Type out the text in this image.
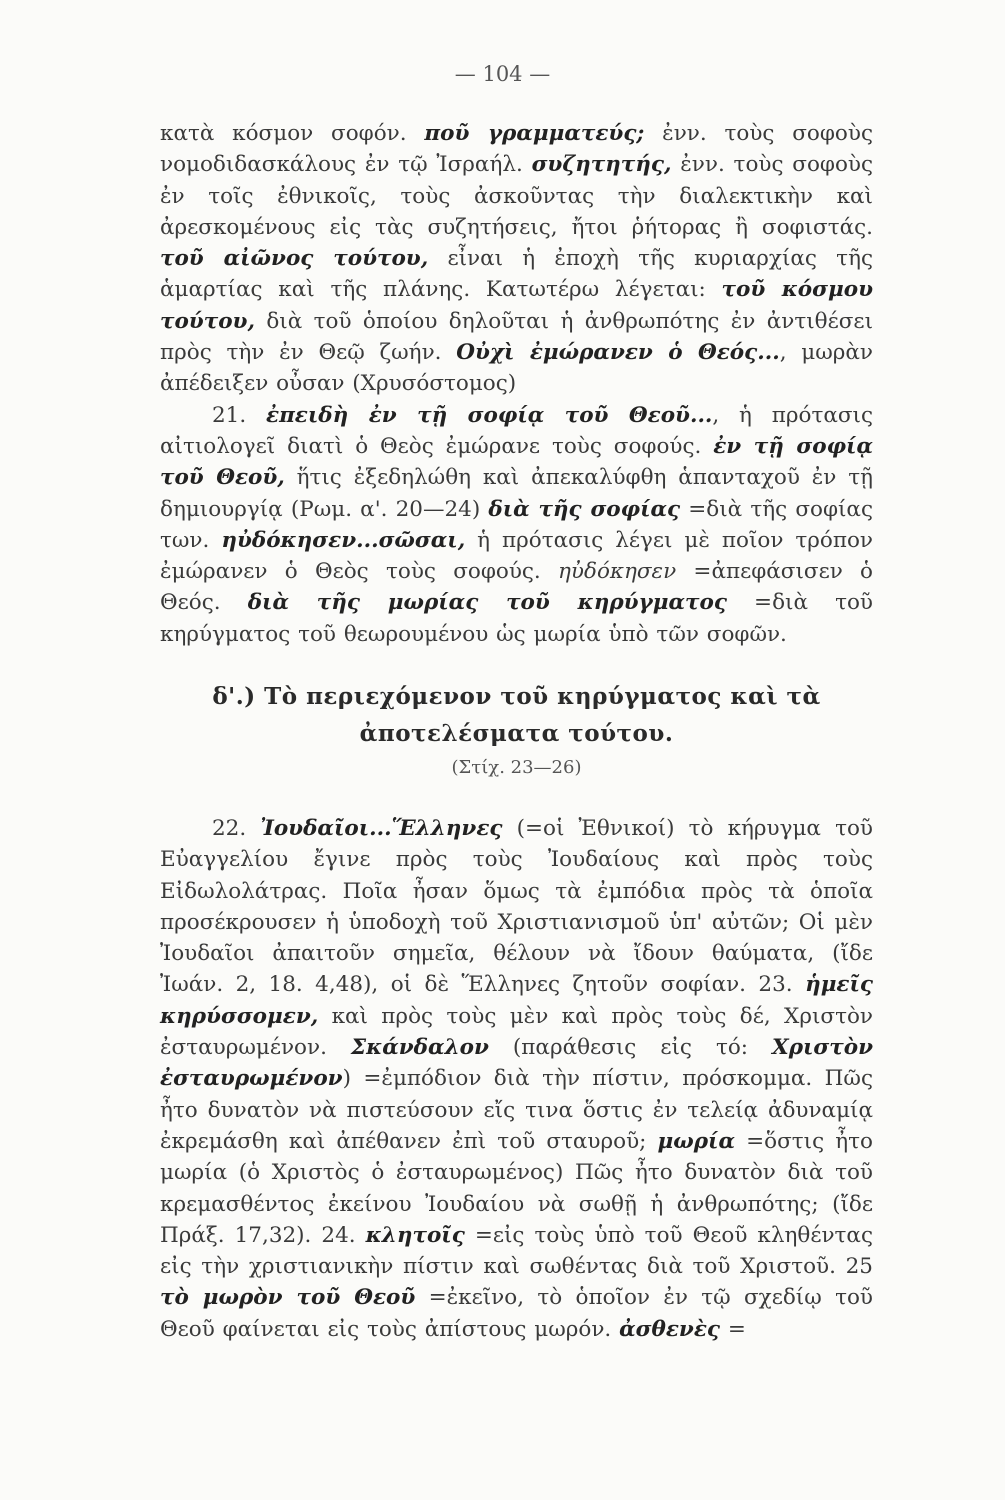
— 104 —

κατὰ κόσμον σοφόν. ποῦ γραμματεύς; ἐνν. τοὺς σοφοὺς νομοδιδασκάλους ἐν τῷ Ἰσραήλ. συζητητής, ἐνν. τοὺς σοφοὺς ἐν τοῖς ἐθνικοῖς, τοὺς ἀσκοῦντας τὴν διαλεκτικὴν καὶ ἀρεσκομένους εἰς τὰς συζητήσεις, ἤτοι ῥήτορας ἢ σοφιστάς. τοῦ αἰῶνος τούτου, εἶναι ἡ ἐποχὴ τῆς κυριαρχίας τῆς ἁμαρτίας καὶ τῆς πλάνης. Κατωτέρω λέγεται: τοῦ κόσμου τούτου, διὰ τοῦ ὁποίου δηλοῦται ἡ ἀνθρωπότης ἐν ἀντιθέσει πρὸς τὴν ἐν Θεῷ ζωήν. Οὐχὶ ἐμώρανεν ὁ Θεός..., μωρὰν ἀπέδειξεν οὖσαν (Χρυσόστομος)

21. ἐπειδὴ ἐν τῇ σοφίᾳ τοῦ Θεοῦ..., ἡ πρότασις αἰτιολογεῖ διατὶ ὁ Θεὸς ἐμώρανε τοὺς σοφούς. ἐν τῇ σοφίᾳ τοῦ Θεοῦ, ἥτις ἐξεδηλώθη καὶ ἀπεκαλύφθη ἁπανταχοῦ ἐν τῇ δημιουργίᾳ (Ρωμ. α'. 20—24) διὰ τῆς σοφίας =διὰ τῆς σοφίας των. ηὐδόκησεν...σῶσαι, ἡ πρότασις λέγει μὲ ποῖον τρόπον ἐμώρανεν ὁ Θεὸς τοὺς σοφούς. ηὐδόκησεν =ἀπεφάσισεν ὁ Θεός. διὰ τῆς μωρίας τοῦ κηρύγματος =διὰ τοῦ κηρύγματος τοῦ θεωρουμένου ὡς μωρία ὑπὸ τῶν σοφῶν.

δ'.) Τὸ περιεχόμενον τοῦ κηρύγματος καὶ τὰ
ἀποτελέσματα τούτου.
(Στίχ. 23—26)

22. Ἰουδαῖοι...Ἕλληνες (=οἱ Ἐθνικοί) τὸ κήρυγμα τοῦ Εὐαγγελίου ἔγινε πρὸς τοὺς Ἰουδαίους καὶ πρὸς τοὺς Εἰδωλολάτρας. Ποῖα ἦσαν ὅμως τὰ ἐμπόδια πρὸς τὰ ὁποῖα προσέκρουσεν ἡ ὑποδοχὴ τοῦ Χριστιανισμοῦ ὑπ' αὐτῶν; Οἱ μὲν Ἰουδαῖοι ἀπαιτοῦν σημεῖα, θέλουν νὰ ἴδουν θαύματα, (ἴδε Ἰωάν. 2, 18. 4,48), οἱ δὲ Ἕλληνες ζητοῦν σοφίαν. 23. ἡμεῖς κηρύσσομεν, καὶ πρὸς τοὺς μὲν καὶ πρὸς τοὺς δέ, Χριστὸν ἐσταυρωμένον. Σκάνδαλον (παράθεσις εἰς τό: Χριστὸν ἐσταυρωμένον) =ἐμπόδιον διὰ τὴν πίστιν, πρόσκομμα. Πῶς ἦτο δυνατὸν νὰ πιστεύσουν εἴς τινα ὅστις ἐν τελείᾳ ἀδυναμίᾳ ἐκρεμάσθη καὶ ἀπέθανεν ἐπὶ τοῦ σταυροῦ; μωρία =ὅστις ἦτο μωρία (ὁ Χριστὸς ὁ ἐσταυρωμένος) Πῶς ἦτο δυνατὸν διὰ τοῦ κρεμασθέντος ἐκείνου Ἰουδαίου νὰ σωθῇ ἡ ἀνθρωπότης; (ἴδε Πράξ. 17,32). 24. κλητοῖς =εἰς τοὺς ὑπὸ τοῦ Θεοῦ κληθέντας εἰς τὴν χριστιανικὴν πίστιν καὶ σωθέντας διὰ τοῦ Χριστοῦ. 25 τὸ μωρὸν τοῦ Θεοῦ =ἐκεῖνο, τὸ ὁποῖον ἐν τῷ σχεδίῳ τοῦ Θεοῦ φαίνεται εἰς τοὺς ἀπίστους μωρόν. ἀσθενὲς =
